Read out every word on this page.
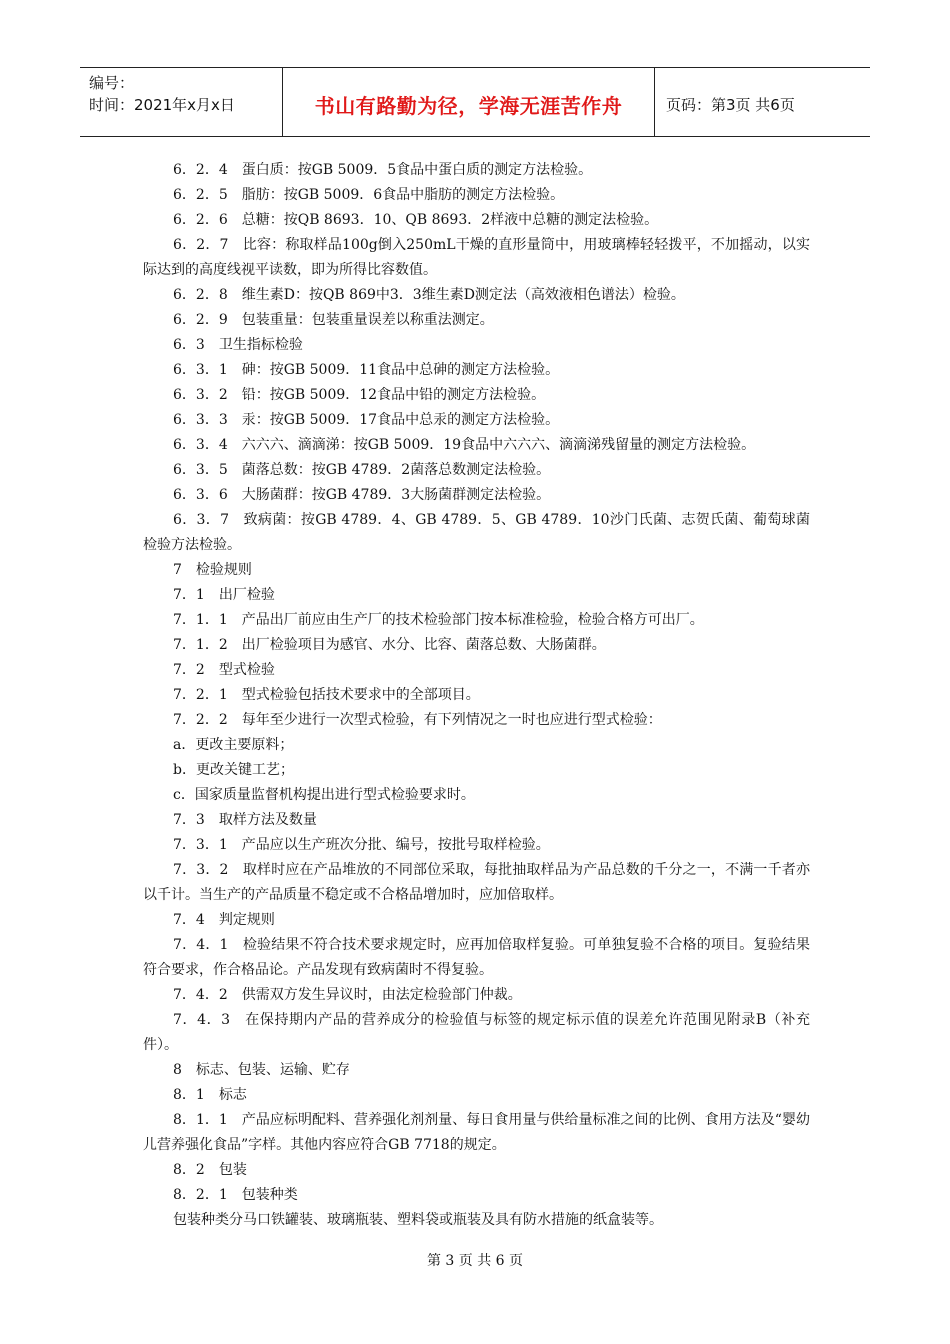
编号：
时间：2021年x月x日	书山有路勤为径，学海无涯苦作舟	页码：第3页 共6页

6．2．4　蛋白质：按GB 5009．5食品中蛋白质的测定方法检验。

6．2．5　脂肪：按GB 5009．6食品中脂肪的测定方法检验。

6．2．6　总糖：按QB 8693．10、QB 8693．2样液中总糖的测定法检验。

6．2．7　比容：称取样品100g倒入250mL干燥的直形量筒中，用玻璃棒轻轻拨平，不加摇动，以实际达到的高度线视平读数，即为所得比容数值。

6．2．8　维生素D：按QB 869中3．3维生素D测定法（高效液相色谱法）检验。

6．2．9　包装重量：包装重量误差以称重法测定。

6．3　卫生指标检验

6．3．1　砷：按GB 5009．11食品中总砷的测定方法检验。

6．3．2　铅：按GB 5009．12食品中铅的测定方法检验。

6．3．3　汞：按GB 5009．17食品中总汞的测定方法检验。

6．3．4　六六六、滴滴涕：按GB 5009．19食品中六六六、滴滴涕残留量的测定方法检验。

6．3．5　菌落总数：按GB 4789．2菌落总数测定法检验。

6．3．6　大肠菌群：按GB 4789．3大肠菌群测定法检验。

6．3．7　致病菌：按GB 4789．4、GB 4789．5、GB 4789．10沙门氏菌、志贺氏菌、葡萄球菌检验方法检验。

7　检验规则

7．1　出厂检验

7．1．1　产品出厂前应由生产厂的技术检验部门按本标准检验，检验合格方可出厂。

7．1．2　出厂检验项目为感官、水分、比容、菌落总数、大肠菌群。

7．2　型式检验

7．2．1　型式检验包括技术要求中的全部项目。

7．2．2　每年至少进行一次型式检验，有下列情况之一时也应进行型式检验：

a．更改主要原料；

b．更改关键工艺；

c．国家质量监督机构提出进行型式检验要求时。

7．3　取样方法及数量

7．3．1　产品应以生产班次分批、编号，按批号取样检验。

7．3．2　取样时应在产品堆放的不同部位采取，每批抽取样品为产品总数的千分之一，不满一千者亦以千计。当生产的产品质量不稳定或不合格品增加时，应加倍取样。

7．4　判定规则

7．4．1　检验结果不符合技术要求规定时，应再加倍取样复验。可单独复验不合格的项目。复验结果符合要求，作合格品论。产品发现有致病菌时不得复验。

7．4．2　供需双方发生异议时，由法定检验部门仲裁。

7．4．3　在保持期内产品的营养成分的检验值与标签的规定标示值的误差允许范围见附录B（补充件）。

8　标志、包装、运输、贮存

8．1　标志

8．1．1　产品应标明配料、营养强化剂剂量、每日食用量与供给量标准之间的比例、食用方法及“婴幼儿营养强化食品”字样。其他内容应符合GB 7718的规定。

8．2　包装

8．2．1　包装种类

包装种类分马口铁罐装、玻璃瓶装、塑料袋或瓶装及具有防水措施的纸盒装等。

第 3 页 共 6 页
